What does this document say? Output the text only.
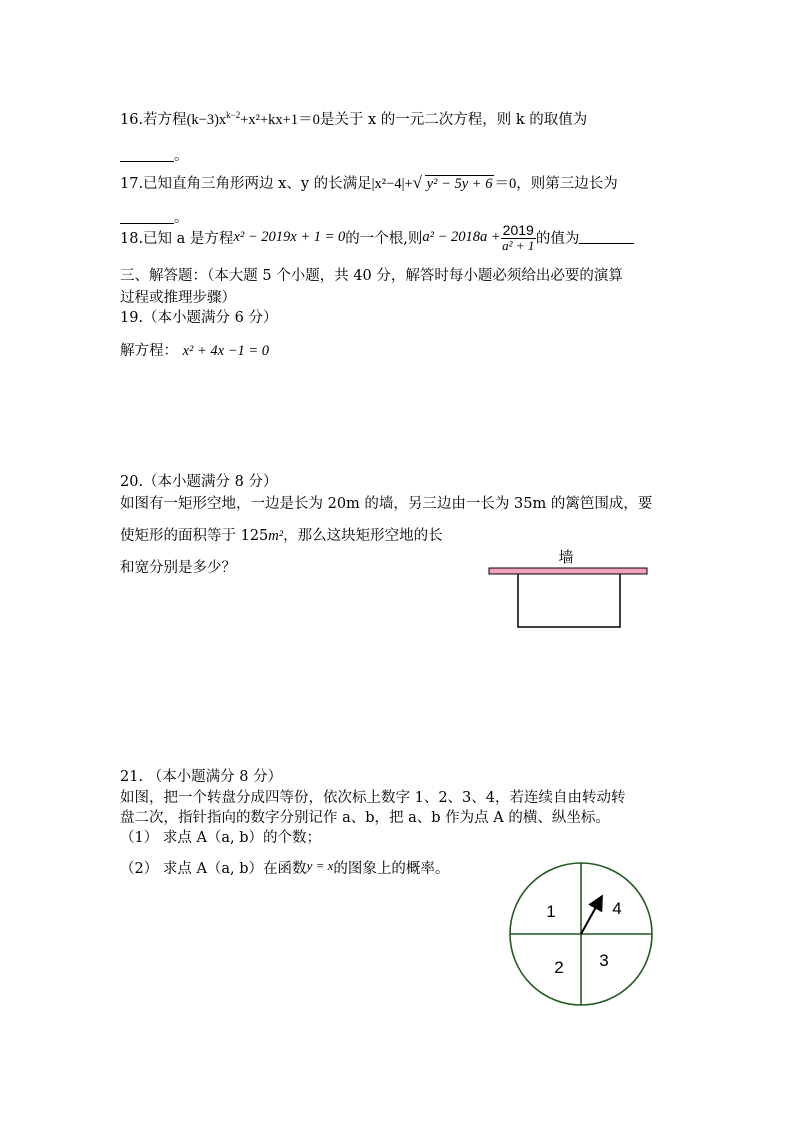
16.若方程$(k-3)x^{k-2}+x^2+kx+1=0$是关于 x 的一元二次方程，则 k 的取值为
。
17.已知直角三角形两边 x、y 的长满足|x²−4|+ √ y² − 5y + 6 ＝0，则第三边长为
。
18.已知 a 是方程x² − 2019x + 1 = 0的一个根,则$a^2 - 2018a + \frac{2019}{\text{a² + 1}}$ 的值为
三、解答题：（本大题 5 个小题，共 40 分，解答时每小题必须给出必要的演算
过程或推理步骤）
19.（本小题满分 6 分）
解方程： x² + 4x −1 = 0
20.（本小题满分 8 分）
如图有一矩形空地，一边是长为 20m 的墙，另三边由一长为 35m 的篱笆围成，要
使矩形的面积等于 125m²，那么这块矩形空地的长
和宽分别是多少？
墙
21. （本小题满分 8 分）
如图，把一个转盘分成四等份，依次标上数字 1、2、3、4，若连续自由转动转
盘二次，指针指向的数字分别记作 a、b，把 a、b 作为点 A 的横、纵坐标。
（1） 求点 A（a, b）的个数；
（2） 求点 A（a, b）在函数y = x的图象上的概率。
1	4
2 3
